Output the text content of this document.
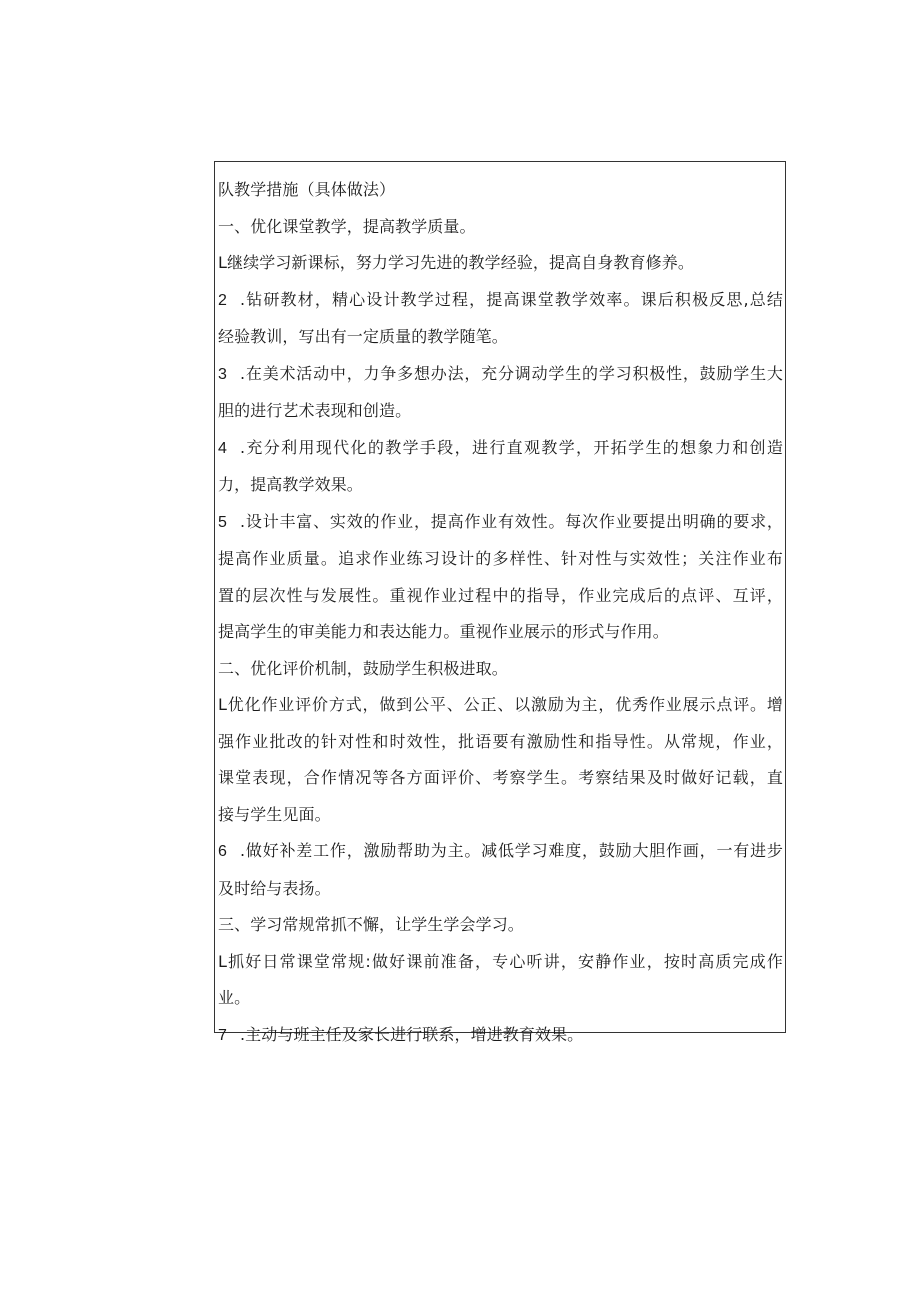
队教学措施（具体做法）
一、优化课堂教学，提高教学质量。
L继续学习新课标，努力学习先进的教学经验，提高自身教育修养。
2 .钻研教材，精心设计教学过程，提高课堂教学效率。课后积极反思,总结
经验教训，写出有一定质量的教学随笔。
3 .在美术活动中，力争多想办法，充分调动学生的学习积极性，鼓励学生大
胆的进行艺术表现和创造。
4 .充分利用现代化的教学手段，进行直观教学，开拓学生的想象力和创造
力，提高教学效果。
5 .设计丰富、实效的作业，提高作业有效性。每次作业要提出明确的要求，
提高作业质量。追求作业练习设计的多样性、针对性与实效性；关注作业布
置的层次性与发展性。重视作业过程中的指导，作业完成后的点评、互评，
提高学生的审美能力和表达能力。重视作业展示的形式与作用。
二、优化评价机制，鼓励学生积极进取。
L优化作业评价方式，做到公平、公正、以激励为主，优秀作业展示点评。增
强作业批改的针对性和时效性，批语要有激励性和指导性。从常规，作业，
课堂表现，合作情况等各方面评价、考察学生。考察结果及时做好记载，直
接与学生见面。
6 .做好补差工作，激励帮助为主。减低学习难度，鼓励大胆作画，一有进步
及时给与表扬。
三、学习常规常抓不懈，让学生学会学习。
L抓好日常课堂常规:做好课前准备，专心听讲，安静作业，按时高质完成作
业。
7 .主动与班主任及家长进行联系，增进教育效果。
